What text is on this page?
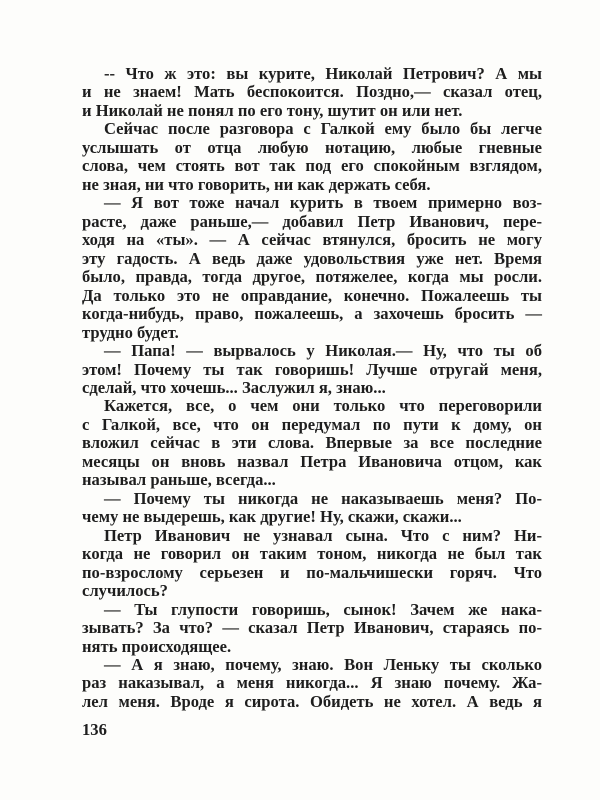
-- Что ж это: вы курите, Николай Петрович? А мы
и не знаем! Мать беспокоится. Поздно,— сказал отец,
и Николай не понял по его тону, шутит он или нет.
Сейчас после разговора с Галкой ему было бы легче
услышать от отца любую нотацию, любые гневные
слова, чем стоять вот так под его спокойным взглядом,
не зная, ни что говорить, ни как держать себя.
— Я вот тоже начал курить в твоем примерно воз-
расте, даже раньше,— добавил Петр Иванович, пере-
ходя на «ты». — А сейчас втянулся, бросить не могу
эту гадость. А ведь даже удовольствия уже нет. Время
было, правда, тогда другое, потяжелее, когда мы росли.
Да только это не оправдание, конечно. Пожалеешь ты
когда-нибудь, право, пожалеешь, а захочешь бросить —
трудно будет.
— Папа! — вырвалось у Николая.— Ну, что ты об
этом! Почему ты так говоришь! Лучше отругай меня,
сделай, что хочешь... Заслужил я, знаю...
Кажется, все, о чем они только что переговорили
с Галкой, все, что он передумал по пути к дому, он
вложил сейчас в эти слова. Впервые за все последние
месяцы он вновь назвал Петра Ивановича отцом, как
называл раньше, всегда...
— Почему ты никогда не наказываешь меня? По-
чему не выдерешь, как другие! Ну, скажи, скажи...
Петр Иванович не узнавал сына. Что с ним? Ни-
когда не говорил он таким тоном, никогда не был так
по-взрослому серьезен и по-мальчишески горяч. Что
случилось?
— Ты глупости говоришь, сынок! Зачем же нака-
зывать? За что? — сказал Петр Иванович, стараясь по-
нять происходящее.
— А я знаю, почему, знаю. Вон Леньку ты сколько
раз наказывал, а меня никогда... Я знаю почему. Жа-
лел меня. Вроде я сирота. Обидеть не хотел. А ведь я
136
